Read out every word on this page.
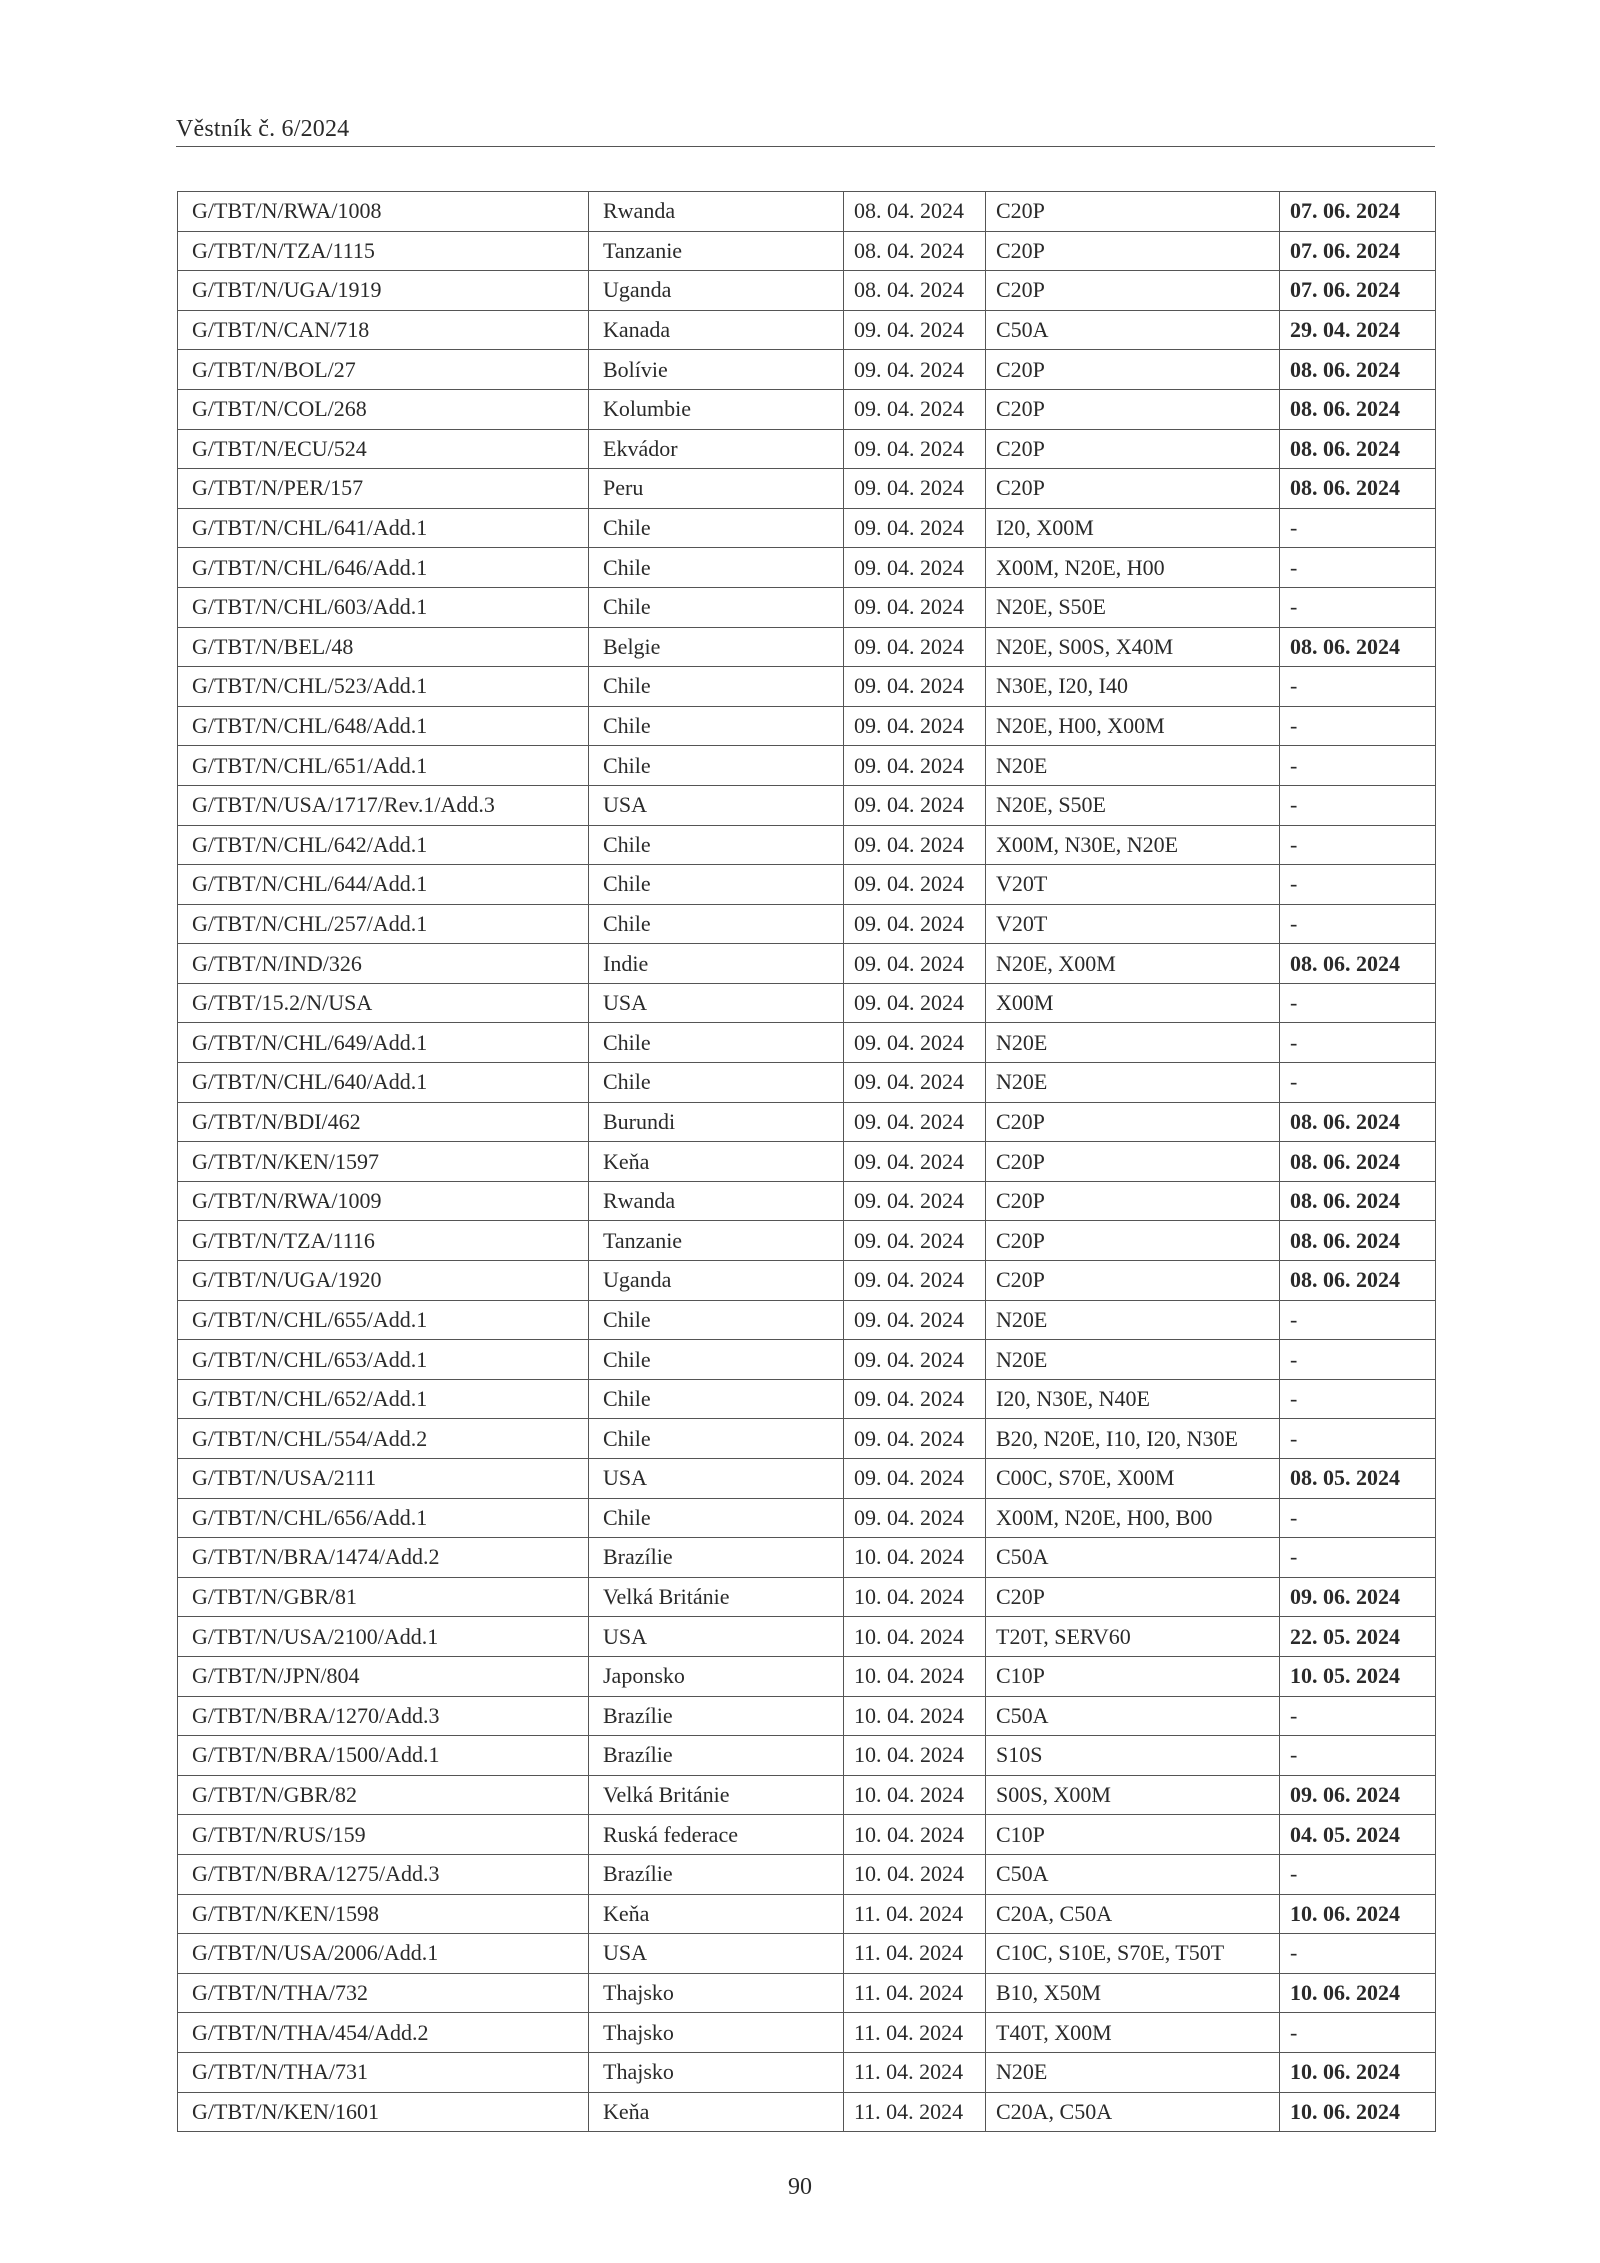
Věstník č. 6/2024
G/TBT/N/RWA/1008	Rwanda	08. 04. 2024	C20P	07. 06. 2024
G/TBT/N/TZA/1115	Tanzanie	08. 04. 2024	C20P	07. 06. 2024
G/TBT/N/UGA/1919	Uganda	08. 04. 2024	C20P	07. 06. 2024
G/TBT/N/CAN/718	Kanada	09. 04. 2024	C50A	29. 04. 2024
G/TBT/N/BOL/27	Bolívie	09. 04. 2024	C20P	08. 06. 2024
G/TBT/N/COL/268	Kolumbie	09. 04. 2024	C20P	08. 06. 2024
G/TBT/N/ECU/524	Ekvádor	09. 04. 2024	C20P	08. 06. 2024
G/TBT/N/PER/157	Peru	09. 04. 2024	C20P	08. 06. 2024
G/TBT/N/CHL/641/Add.1	Chile	09. 04. 2024	I20, X00M	-
G/TBT/N/CHL/646/Add.1	Chile	09. 04. 2024	X00M, N20E, H00	-
G/TBT/N/CHL/603/Add.1	Chile	09. 04. 2024	N20E, S50E	-
G/TBT/N/BEL/48	Belgie	09. 04. 2024	N20E, S00S, X40M	08. 06. 2024
G/TBT/N/CHL/523/Add.1	Chile	09. 04. 2024	N30E, I20, I40	-
G/TBT/N/CHL/648/Add.1	Chile	09. 04. 2024	N20E, H00, X00M	-
G/TBT/N/CHL/651/Add.1	Chile	09. 04. 2024	N20E	-
G/TBT/N/USA/1717/Rev.1/Add.3	USA	09. 04. 2024	N20E, S50E	-
G/TBT/N/CHL/642/Add.1	Chile	09. 04. 2024	X00M, N30E, N20E	-
G/TBT/N/CHL/644/Add.1	Chile	09. 04. 2024	V20T	-
G/TBT/N/CHL/257/Add.1	Chile	09. 04. 2024	V20T	-
G/TBT/N/IND/326	Indie	09. 04. 2024	N20E, X00M	08. 06. 2024
G/TBT/15.2/N/USA	USA	09. 04. 2024	X00M	-
G/TBT/N/CHL/649/Add.1	Chile	09. 04. 2024	N20E	-
G/TBT/N/CHL/640/Add.1	Chile	09. 04. 2024	N20E	-
G/TBT/N/BDI/462	Burundi	09. 04. 2024	C20P	08. 06. 2024
G/TBT/N/KEN/1597	Keňa	09. 04. 2024	C20P	08. 06. 2024
G/TBT/N/RWA/1009	Rwanda	09. 04. 2024	C20P	08. 06. 2024
G/TBT/N/TZA/1116	Tanzanie	09. 04. 2024	C20P	08. 06. 2024
G/TBT/N/UGA/1920	Uganda	09. 04. 2024	C20P	08. 06. 2024
G/TBT/N/CHL/655/Add.1	Chile	09. 04. 2024	N20E	-
G/TBT/N/CHL/653/Add.1	Chile	09. 04. 2024	N20E	-
G/TBT/N/CHL/652/Add.1	Chile	09. 04. 2024	I20, N30E, N40E	-
G/TBT/N/CHL/554/Add.2	Chile	09. 04. 2024	B20, N20E, I10, I20, N30E	-
G/TBT/N/USA/2111	USA	09. 04. 2024	C00C, S70E, X00M	08. 05. 2024
G/TBT/N/CHL/656/Add.1	Chile	09. 04. 2024	X00M, N20E, H00, B00	-
G/TBT/N/BRA/1474/Add.2	Brazílie	10. 04. 2024	C50A	-
G/TBT/N/GBR/81	Velká Británie	10. 04. 2024	C20P	09. 06. 2024
G/TBT/N/USA/2100/Add.1	USA	10. 04. 2024	T20T, SERV60	22. 05. 2024
G/TBT/N/JPN/804	Japonsko	10. 04. 2024	C10P	10. 05. 2024
G/TBT/N/BRA/1270/Add.3	Brazílie	10. 04. 2024	C50A	-
G/TBT/N/BRA/1500/Add.1	Brazílie	10. 04. 2024	S10S	-
G/TBT/N/GBR/82	Velká Británie	10. 04. 2024	S00S, X00M	09. 06. 2024
G/TBT/N/RUS/159	Ruská federace	10. 04. 2024	C10P	04. 05. 2024
G/TBT/N/BRA/1275/Add.3	Brazílie	10. 04. 2024	C50A	-
G/TBT/N/KEN/1598	Keňa	11. 04. 2024	C20A, C50A	10. 06. 2024
G/TBT/N/USA/2006/Add.1	USA	11. 04. 2024	C10C, S10E, S70E, T50T	-
G/TBT/N/THA/732	Thajsko	11. 04. 2024	B10, X50M	10. 06. 2024
G/TBT/N/THA/454/Add.2	Thajsko	11. 04. 2024	T40T, X00M	-
G/TBT/N/THA/731	Thajsko	11. 04. 2024	N20E	10. 06. 2024
G/TBT/N/KEN/1601	Keňa	11. 04. 2024	C20A, C50A	10. 06. 2024
90
